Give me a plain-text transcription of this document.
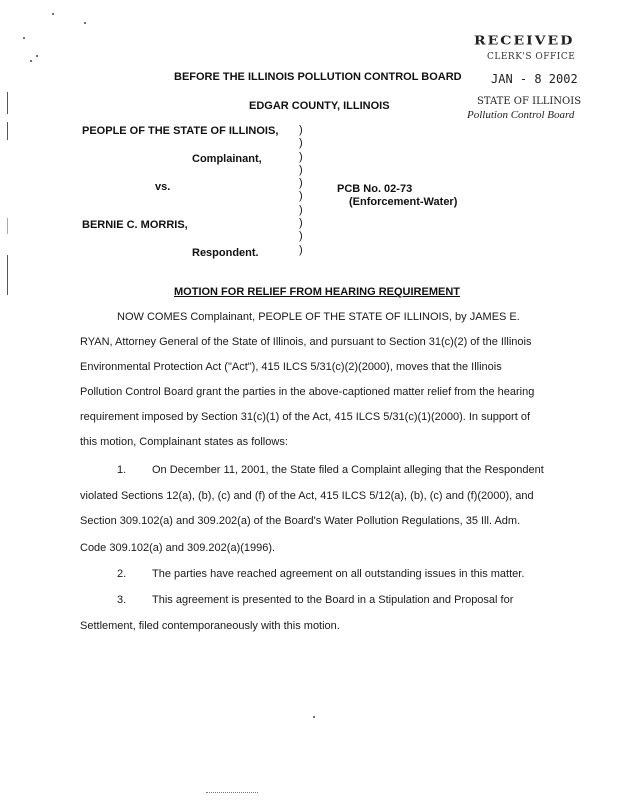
RECEIVED
CLERK'S OFFICE
JAN - 8 2002
STATE OF ILLINOIS
Pollution Control Board
BEFORE THE ILLINOIS POLLUTION CONTROL BOARD
EDGAR COUNTY, ILLINOIS
PEOPLE OF THE STATE OF ILLINOIS,
Complainant,
vs.
BERNIE C. MORRIS,
Respondent.
)
)
)
)
)
)
)
)
)
)
PCB No. 02-73
(Enforcement-Water)
MOTION FOR RELIEF FROM HEARING REQUIREMENT
NOW COMES Complainant, PEOPLE OF THE STATE OF ILLINOIS, by JAMES E.
RYAN, Attorney General of the State of Illinois, and pursuant to Section 31(c)(2) of the Illinois
Environmental Protection Act ("Act"), 415 ILCS 5/31(c)(2)(2000), moves that the Illinois
Pollution Control Board grant the parties in the above-captioned matter relief from the hearing
requirement imposed by Section 31(c)(1) of the Act, 415 ILCS 5/31(c)(1)(2000). In support of
this motion, Complainant states as follows:
1. On December 11, 2001, the State filed a Complaint alleging that the Respondent
violated Sections 12(a), (b), (c) and (f) of the Act, 415 ILCS 5/12(a), (b), (c) and (f)(2000), and
Section 309.102(a) and 309.202(a) of the Board's Water Pollution Regulations, 35 Ill. Adm.
Code 309.102(a) and 309.202(a)(1996).
2. The parties have reached agreement on all outstanding issues in this matter.
3. This agreement is presented to the Board in a Stipulation and Proposal for
Settlement, filed contemporaneously with this motion.
